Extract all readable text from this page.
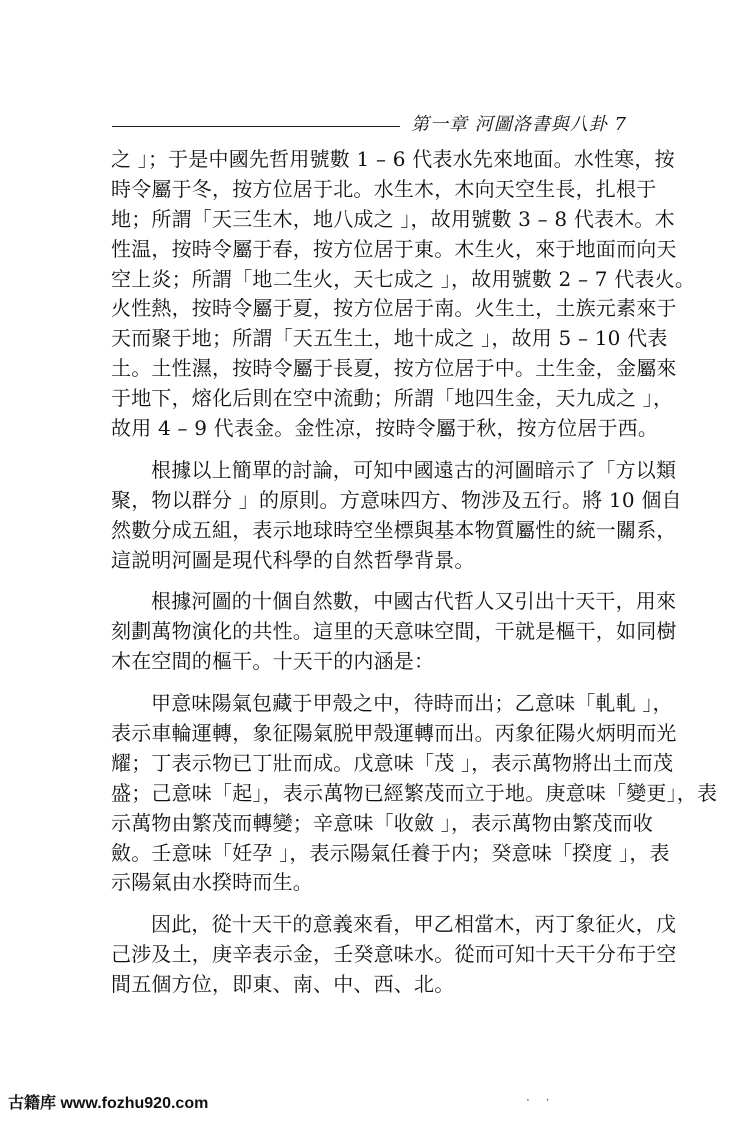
第一章 河圖洛書與八卦 7
之 」；于是中國先哲用號數 1 – 6 代表水先來地面。水性寒，按
時令屬于冬，按方位居于北。水生木，木向天空生長，扎根于
地；所謂「天三生木，地八成之 」，故用號數 3 – 8 代表木。木
性温，按時令屬于春，按方位居于東。木生火，來于地面而向天
空上炎；所謂「地二生火，天七成之 」，故用號數 2 – 7 代表火。
火性熱，按時令屬于夏，按方位居于南。火生土，土族元素來于
天而聚于地；所謂「天五生土，地十成之 」，故用 5 – 10 代表
土。土性濕，按時令屬于長夏，按方位居于中。土生金，金屬來
于地下，熔化后則在空中流動；所謂「地四生金，天九成之 」，
故用 4 – 9 代表金。金性凉，按時令屬于秋，按方位居于西。
根據以上簡單的討論，可知中國遠古的河圖暗示了「方以類
聚，物以群分 」的原則。方意味四方、物涉及五行。將 10 個自
然數分成五組，表示地球時空坐標與基本物質屬性的統一關系，
這説明河圖是現代科學的自然哲學背景。
根據河圖的十個自然數，中國古代哲人又引出十天干，用來
刻劃萬物演化的共性。這里的天意味空間，干就是樞干，如同樹
木在空間的樞干。十天干的内涵是：
甲意味陽氣包藏于甲殼之中，待時而出；乙意味「軋軋 」，
表示車輪運轉，象征陽氣脱甲殼運轉而出。丙象征陽火炳明而光
耀；丁表示物已丁壯而成。戊意味「茂 」，表示萬物將出土而茂
盛；己意味「起」，表示萬物已經繁茂而立于地。庚意味「變更」，表
示萬物由繁茂而轉變；辛意味「收斂 」，表示萬物由繁茂而收
斂。壬意味「妊孕 」，表示陽氣任養于内；癸意味「揆度 」，表
示陽氣由水揆時而生。
因此，從十天干的意義來看，甲乙相當木，丙丁象征火，戊
己涉及土，庚辛表示金，壬癸意味水。從而可知十天干分布于空
間五個方位，即東、南、中、西、北。
古籍库 www.fozhu920.com	· ·
